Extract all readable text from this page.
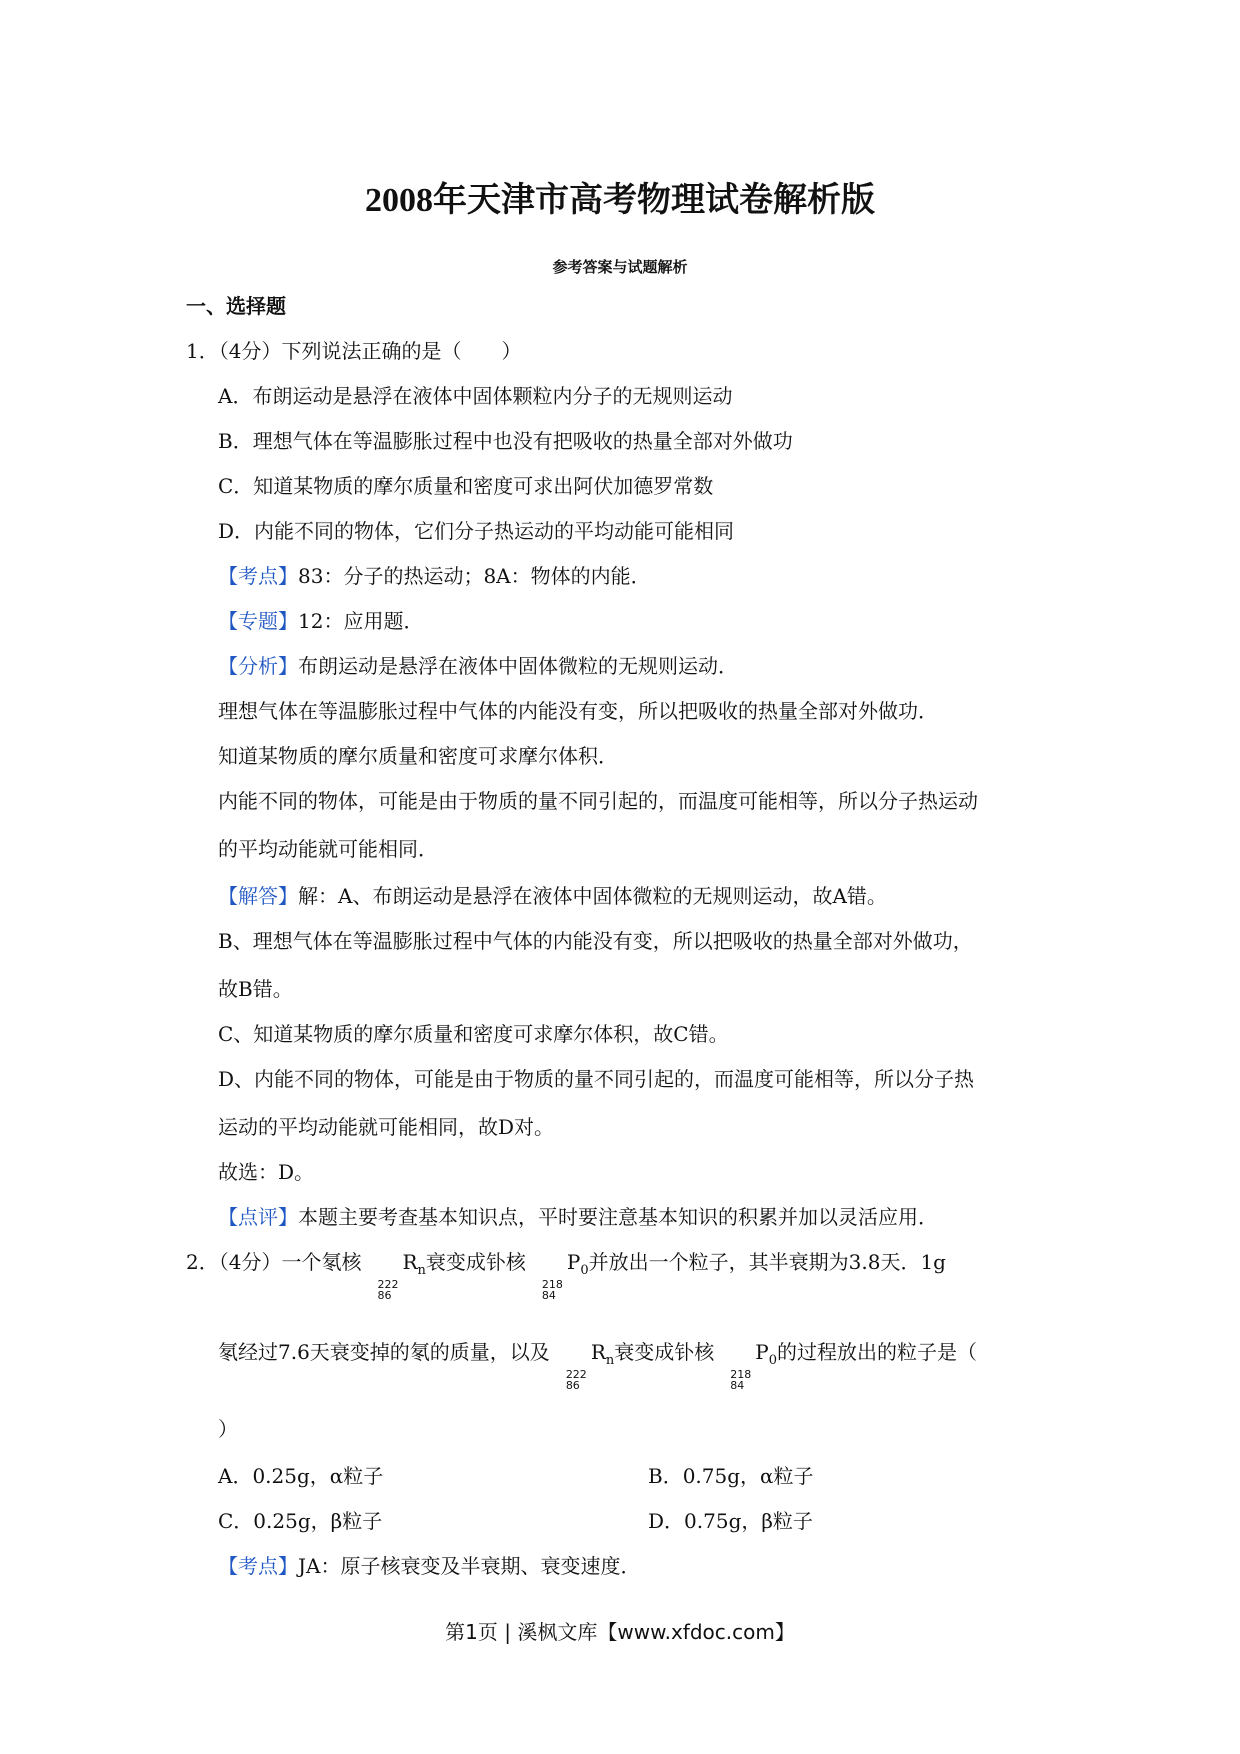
2008年天津市高考物理试卷解析版
参考答案与试题解析
一、选择题
1．（4分）下列说法正确的是（　　）
A．布朗运动是悬浮在液体中固体颗粒内分子的无规则运动
B．理想气体在等温膨胀过程中也没有把吸收的热量全部对外做功
C．知道某物质的摩尔质量和密度可求出阿伏加德罗常数
D．内能不同的物体，它们分子热运动的平均动能可能相同
【考点】83：分子的热运动；8A：物体的内能．
【专题】12：应用题．
【分析】布朗运动是悬浮在液体中固体微粒的无规则运动．
理想气体在等温膨胀过程中气体的内能没有变，所以把吸收的热量全部对外做功．
知道某物质的摩尔质量和密度可求摩尔体积．
内能不同的物体，可能是由于物质的量不同引起的，而温度可能相等，所以分子热运动
的平均动能就可能相同．
【解答】解：A、布朗运动是悬浮在液体中固体微粒的无规则运动，故A错。
B、理想气体在等温膨胀过程中气体的内能没有变，所以把吸收的热量全部对外做功，
故B错。
C、知道某物质的摩尔质量和密度可求摩尔体积，故C错。
D、内能不同的物体，可能是由于物质的量不同引起的，而温度可能相等，所以分子热
运动的平均动能就可能相同，故D对。
故选：D。
【点评】本题主要考查基本知识点，平时要注意基本知识的积累并加以灵活应用．
2．（4分）一个氡核
222
86
$R_n$衰变成钋核
218
84
$P_0$并放出一个粒子，其半衰期为3.8天．1g
氡经过7.6天衰变掉的氡的质量，以及
222
86
$R_n$衰变成钋核
218
84
$P_0$的过程放出的粒子是（
）
A．0.25g，α粒子	B．0.75g，α粒子
C．0.25g，β粒子	D．0.75g，β粒子
【考点】JA：原子核衰变及半衰期、衰变速度．
第1页 | 溪枫文库【www.xfdoc.com】
